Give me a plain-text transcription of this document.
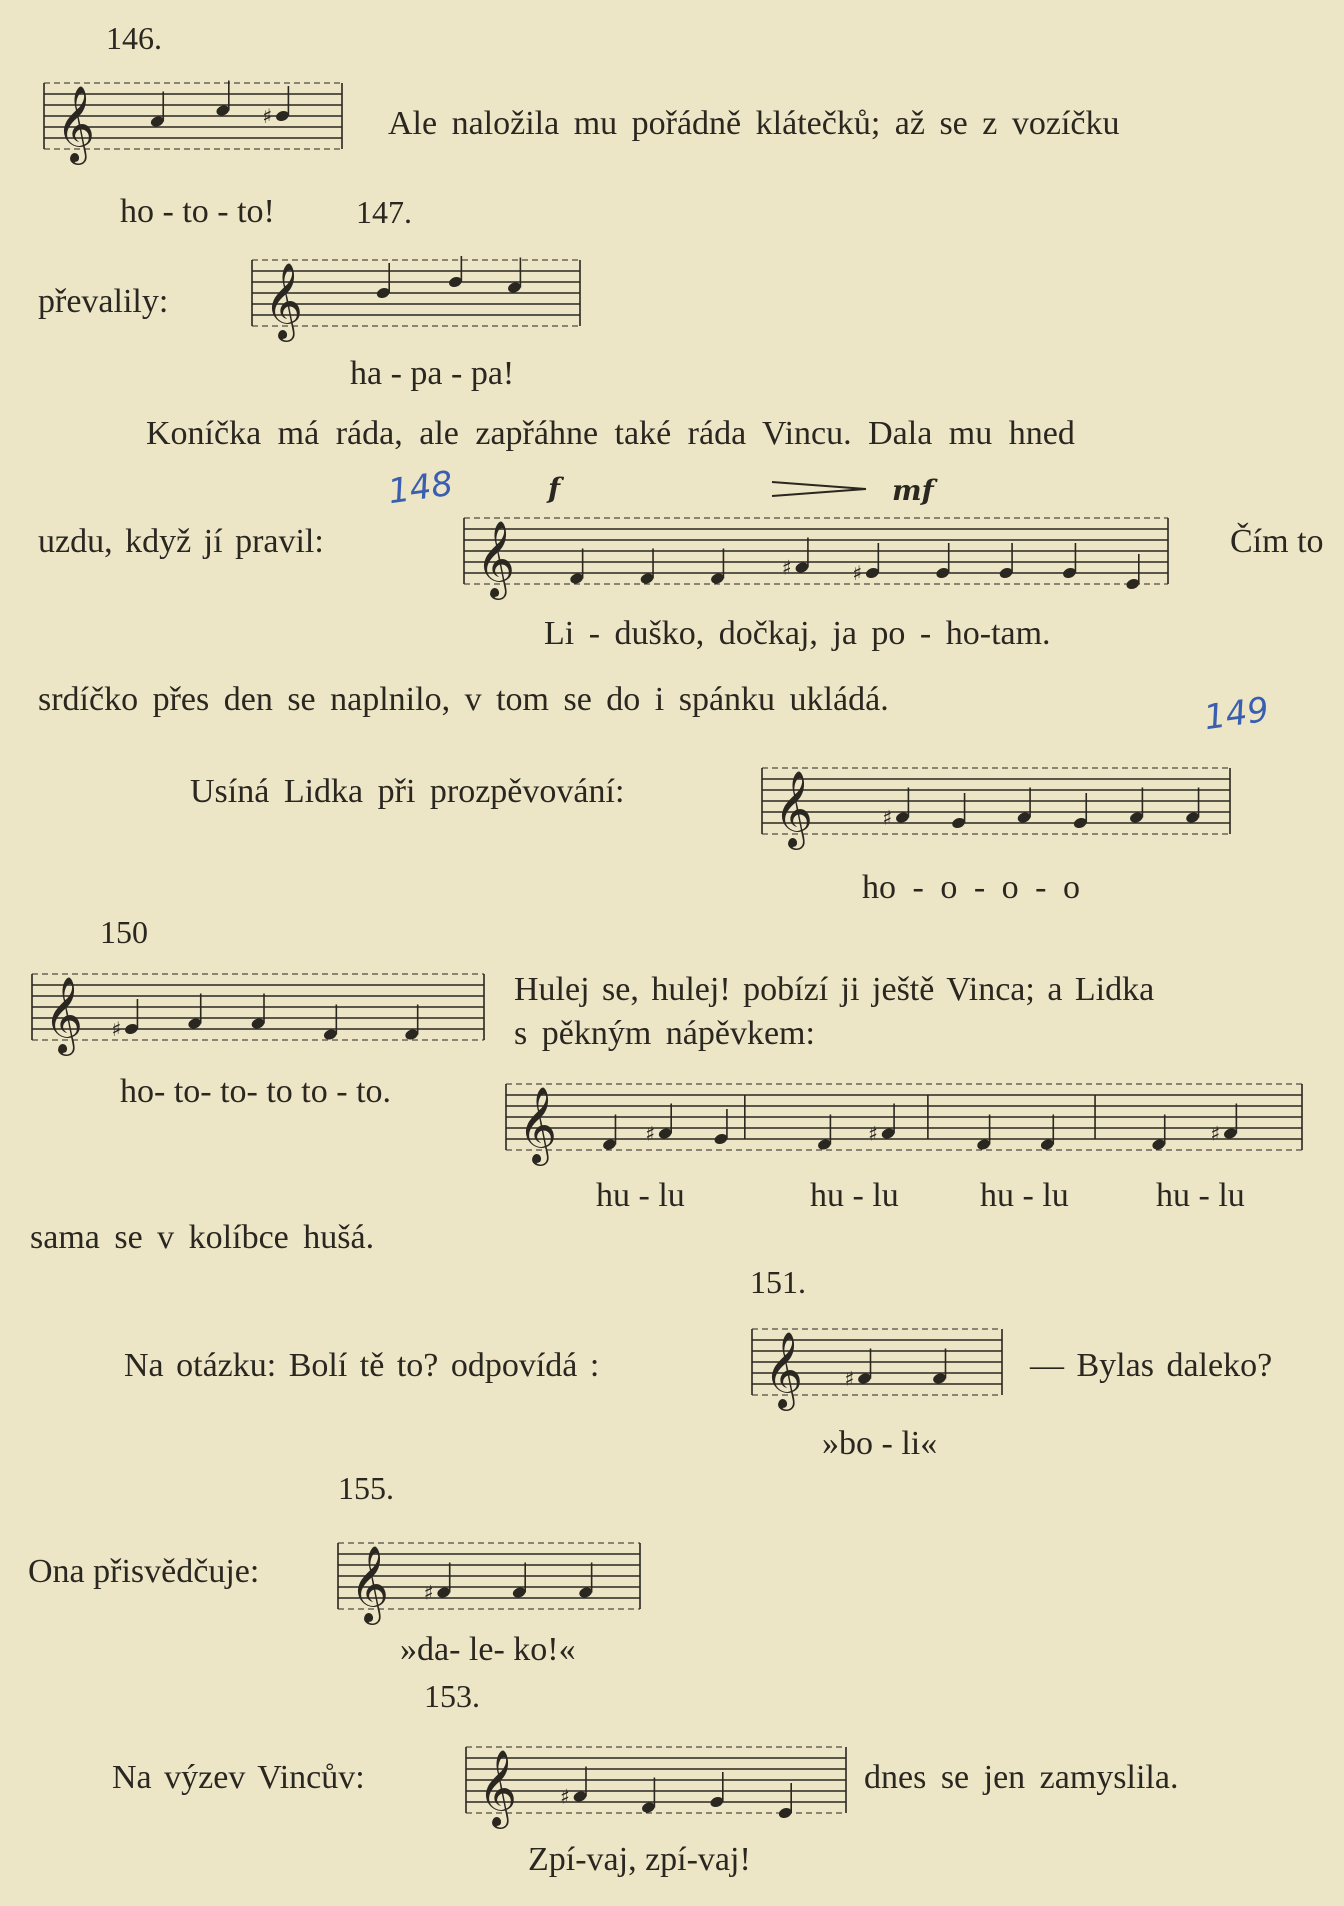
146.
147.
150
151.
155.
153.
148
149
Ale naložila mu pořádně klátečků; až se z vozíčku
ho - to - to!
převalily:
ha - pa - pa!
Koníčka má ráda, ale zapřáhne také ráda Vincu. Dala mu hned
uzdu, když jí pravil:	Čím to
Li - duško, dočkaj, ja po - ho-tam.
srdíčko přes den se naplnilo, v tom se do i spánku ukládá.
Usíná Lidka při prozpěvování:
ho - o - o - o
Hulej se, hulej! pobízí ji ještě Vinca; a Lidka
s pěkným nápěvkem:
ho- to- to- to to - to.
hu - lu	hu - lu hu - lu	hu - lu
sama se v kolíbce hušá.
Na otázku: Bolí tě to? odpovídá :	— Bylas daleko?
»bo - li«
Ona přisvědčuje:
»da- le- ko!«
Na výzev Vincův:	dnes se jen zamyslila.
Zpí-vaj, zpí-vaj!
f	mf
𝄞	♯
𝄞
𝄞	♯	♯
𝄞	♯
𝄞 ♯
𝄞	♯	♯	♯
𝄞 ♯
𝄞 ♯
𝄞 ♯
